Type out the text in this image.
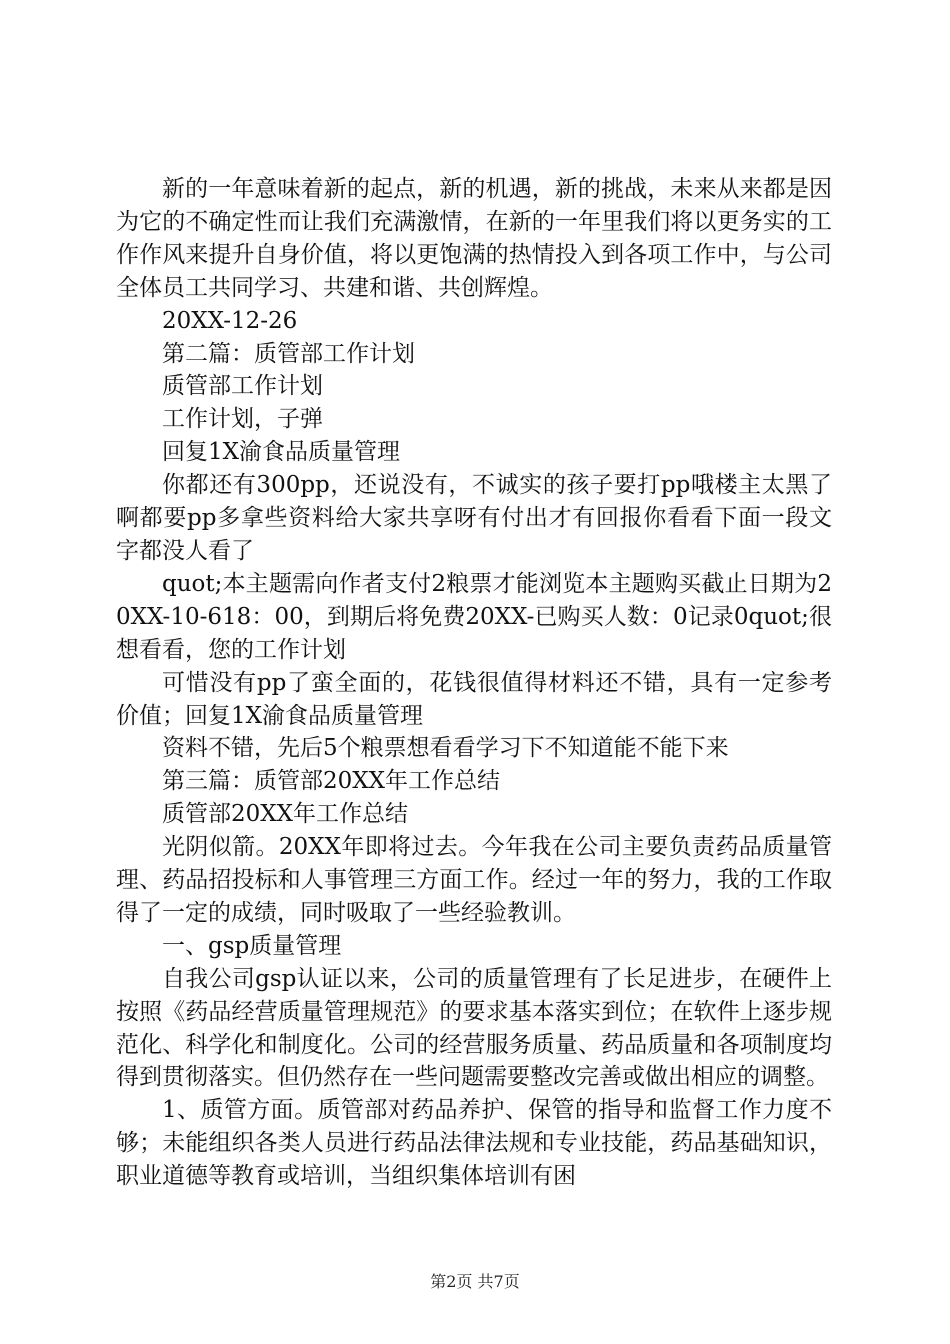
新的一年意味着新的起点，新的机遇，新的挑战，未来从来都是因为它的不确定性而让我们充满激情，在新的一年里我们将以更务实的工作作风来提升自身价值，将以更饱满的热情投入到各项工作中，与公司全体员工共同学习、共建和谐、共创辉煌。

20XX-12-26

第二篇：质管部工作计划

质管部工作计划

工作计划，子弹

回复1X渝食品质量管理

你都还有300pp，还说没有，不诚实的孩子要打pp哦楼主太黑了啊都要pp多拿些资料给大家共享呀有付出才有回报你看看下面一段文字都没人看了

quot;本主题需向作者支付2粮票才能浏览本主题购买截止日期为20XX-10-618：00，到期后将免费20XX-已购买人数：0记录0quot;很想看看，您的工作计划

可惜没有pp了蛮全面的，花钱很值得材料还不错，具有一定参考价值；回复1X渝食品质量管理

资料不错，先后5个粮票想看看学习下不知道能不能下来

第三篇：质管部20XX年工作总结

质管部20XX年工作总结

光阴似箭。20XX年即将过去。今年我在公司主要负责药品质量管理、药品招投标和人事管理三方面工作。经过一年的努力，我的工作取得了一定的成绩，同时吸取了一些经验教训。

一、gsp质量管理

自我公司gsp认证以来，公司的质量管理有了长足进步，在硬件上按照《药品经营质量管理规范》的要求基本落实到位；在软件上逐步规范化、科学化和制度化。公司的经营服务质量、药品质量和各项制度均得到贯彻落实。但仍然存在一些问题需要整改完善或做出相应的调整。

1、质管方面。质管部对药品养护、保管的指导和监督工作力度不够；未能组织各类人员进行药品法律法规和专业技能，药品基础知识，职业道德等教育或培训，当组织集体培训有困

第2页 共7页
